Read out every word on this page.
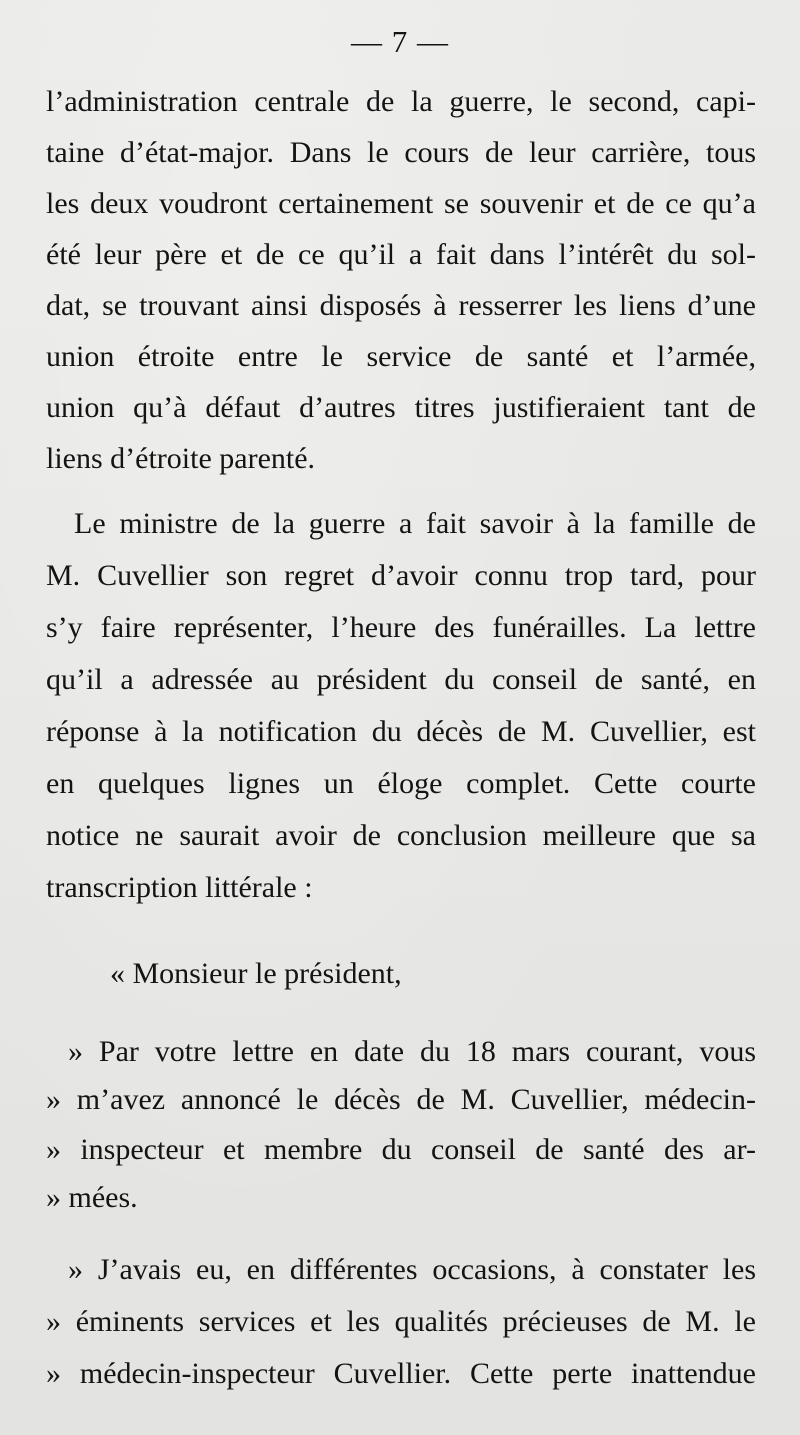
— 7 —
l’administration centrale de la guerre, le second, capi-
taine d’état-major. Dans le cours de leur carrière, tous
les deux voudront certainement se souvenir et de ce qu’a
été leur père et de ce qu’il a fait dans l’intérêt du sol-
dat, se trouvant ainsi disposés à resserrer les liens d’une
union étroite entre le service de santé et l’armée,
union qu’à défaut d’autres titres justifieraient tant de
liens d’étroite parenté.
Le ministre de la guerre a fait savoir à la famille de
M. Cuvellier son regret d’avoir connu trop tard, pour
s’y faire représenter, l’heure des funérailles. La lettre
qu’il a adressée au président du conseil de santé, en
réponse à la notification du décès de M. Cuvellier, est
en quelques lignes un éloge complet. Cette courte
notice ne saurait avoir de conclusion meilleure que sa
transcription littérale :
« Monsieur le président,
» Par votre lettre en date du 18 mars courant, vous
» m’avez annoncé le décès de M. Cuvellier, médecin-
» inspecteur et membre du conseil de santé des ar-
» mées.
» J’avais eu, en différentes occasions, à constater les
» éminents services et les qualités précieuses de M. le
» médecin-inspecteur Cuvellier. Cette perte inattendue
